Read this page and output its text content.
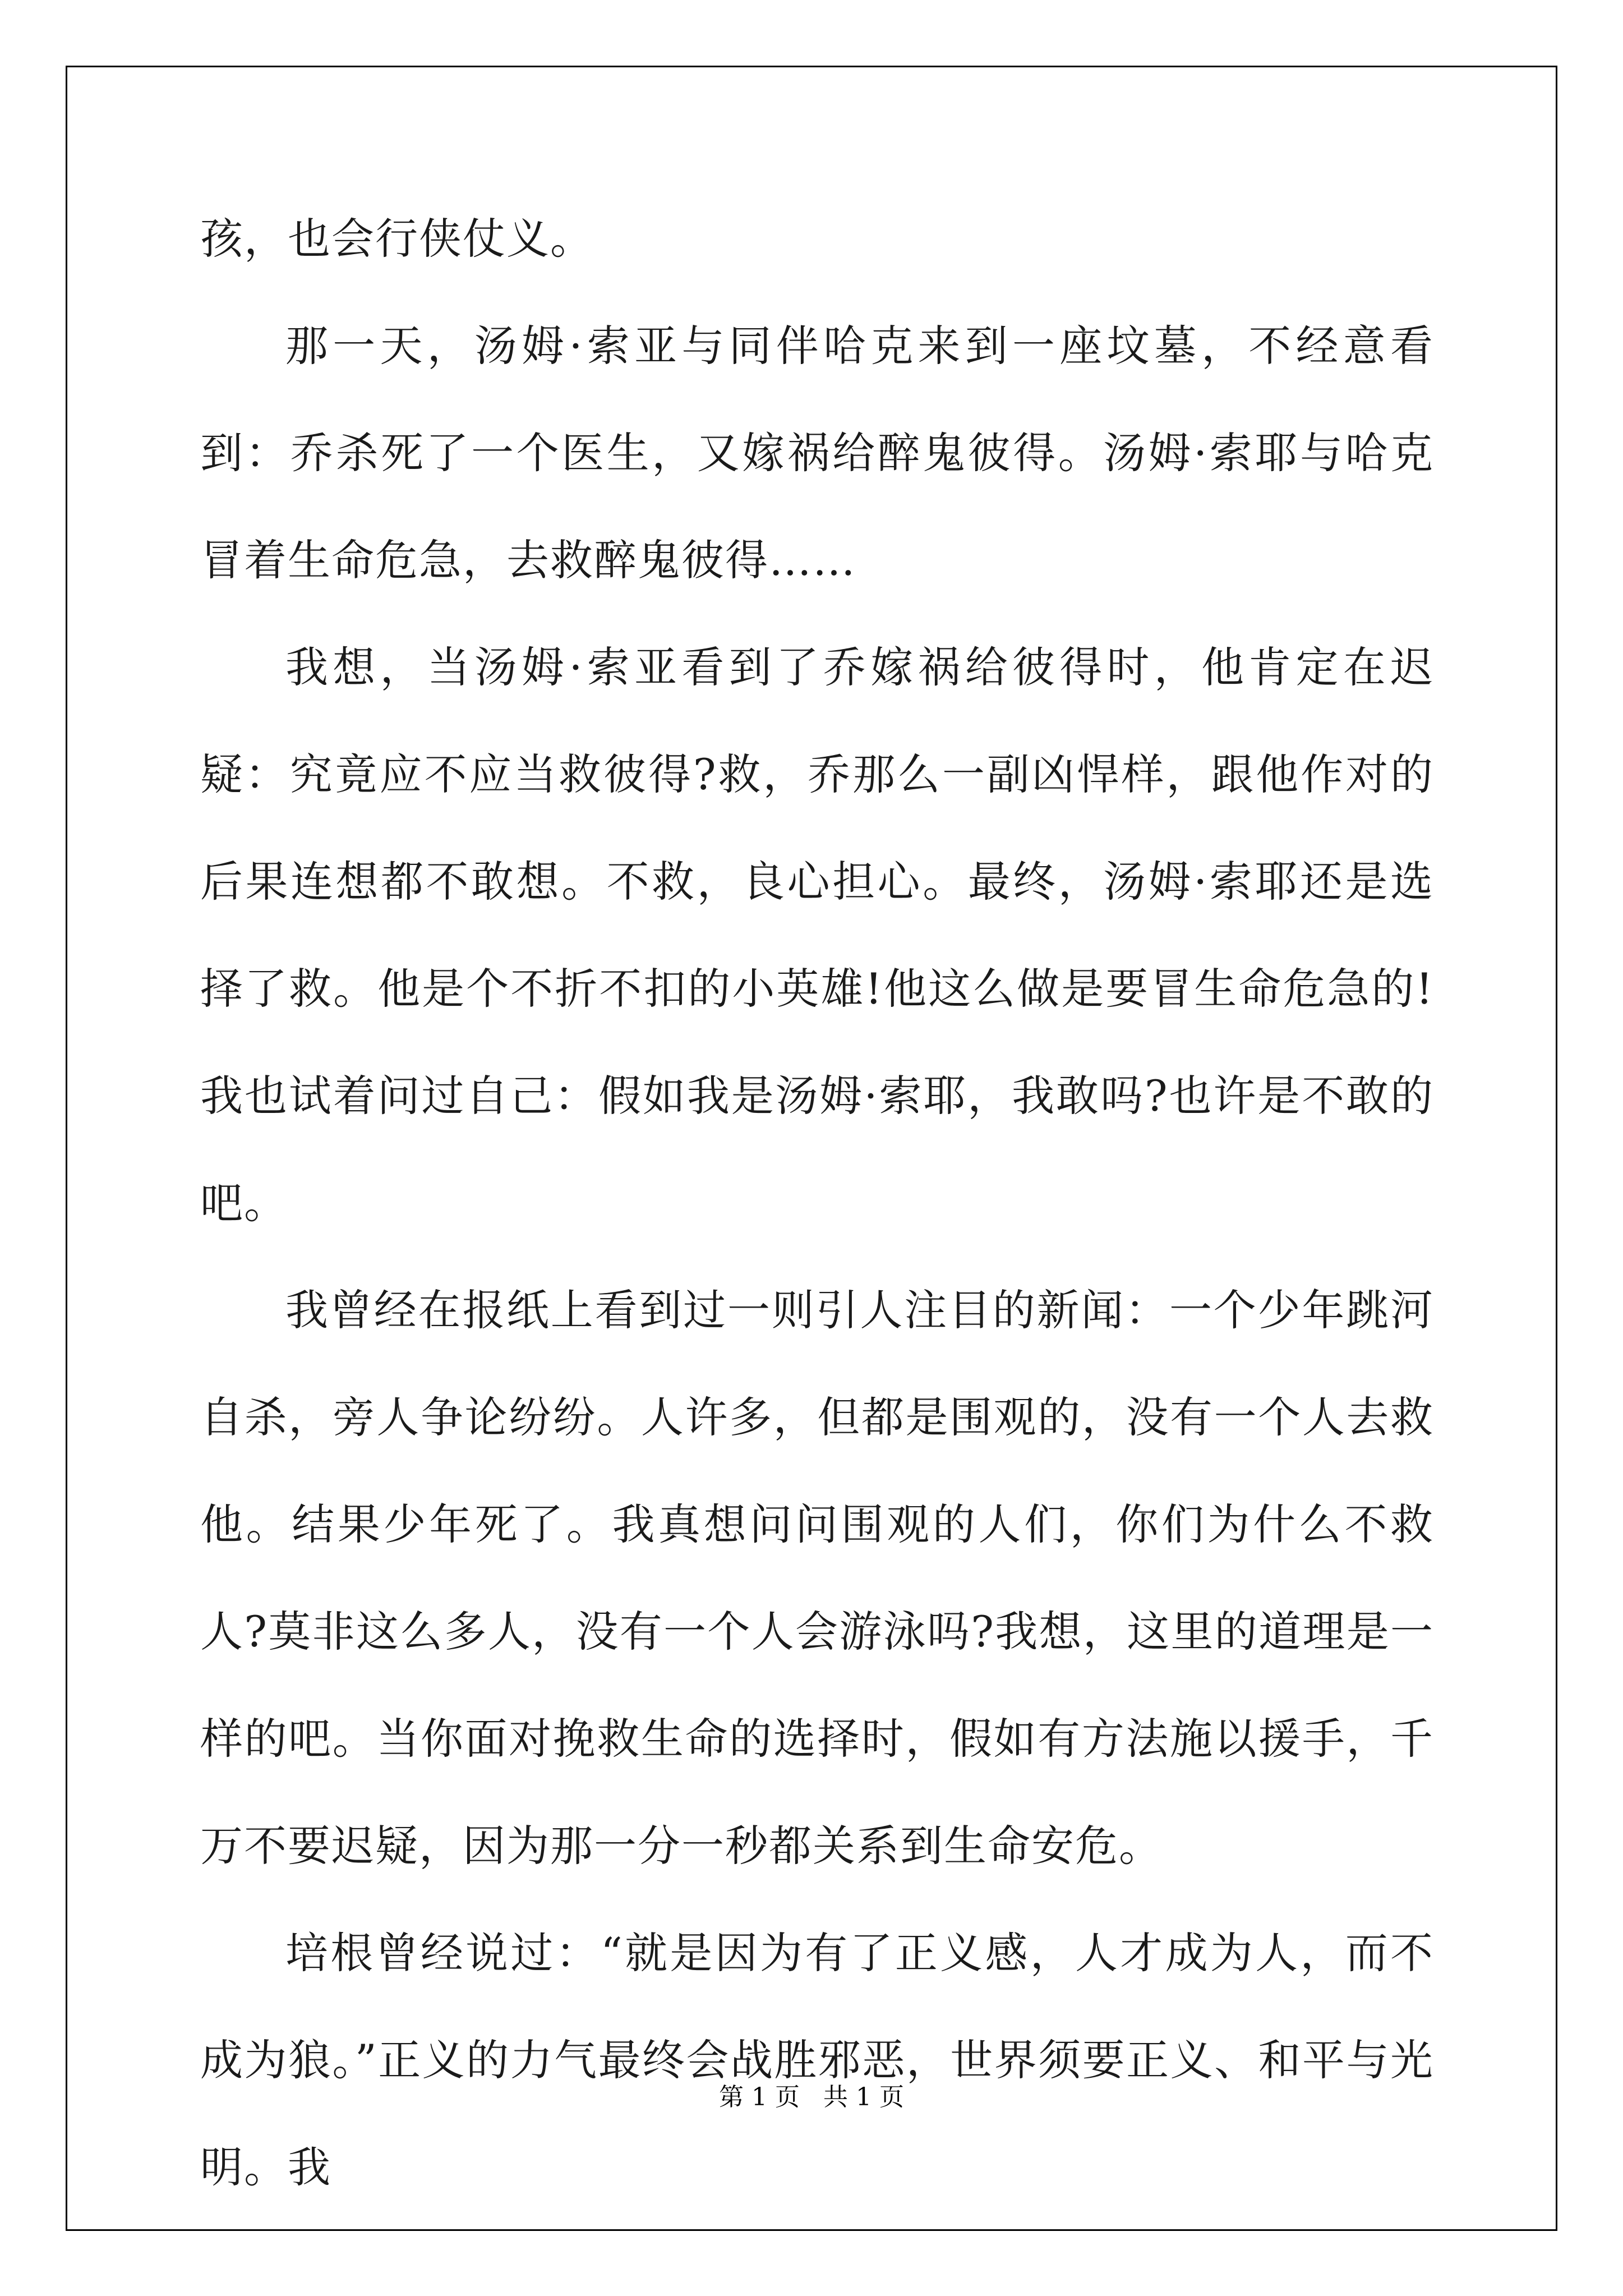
孩，也会行侠仗义。

那一天，汤姆·索亚与同伴哈克来到一座坟墓，不经意看到：乔杀死了一个医生，又嫁祸给醉鬼彼得。汤姆·索耶与哈克冒着生命危急，去救醉鬼彼得……

我想，当汤姆·索亚看到了乔嫁祸给彼得时，他肯定在迟疑：究竟应不应当救彼得?救，乔那么一副凶悍样，跟他作对的后果连想都不敢想。不救，良心担心。最终，汤姆·索耶还是选择了救。他是个不折不扣的小英雄!他这么做是要冒生命危急的!我也试着问过自己：假如我是汤姆·索耶，我敢吗?也许是不敢的吧。

我曾经在报纸上看到过一则引人注目的新闻：一个少年跳河自杀，旁人争论纷纷。人许多，但都是围观的，没有一个人去救他。结果少年死了。我真想问问围观的人们，你们为什么不救人?莫非这么多人，没有一个人会游泳吗?我想，这里的道理是一样的吧。当你面对挽救生命的选择时，假如有方法施以援手，千万不要迟疑，因为那一分一秒都关系到生命安危。

培根曾经说过：“就是因为有了正义感，人才成为人，而不成为狼。”正义的力气最终会战胜邪恶，世界须要正义、和平与光明。我

第 1 页 共 1 页
